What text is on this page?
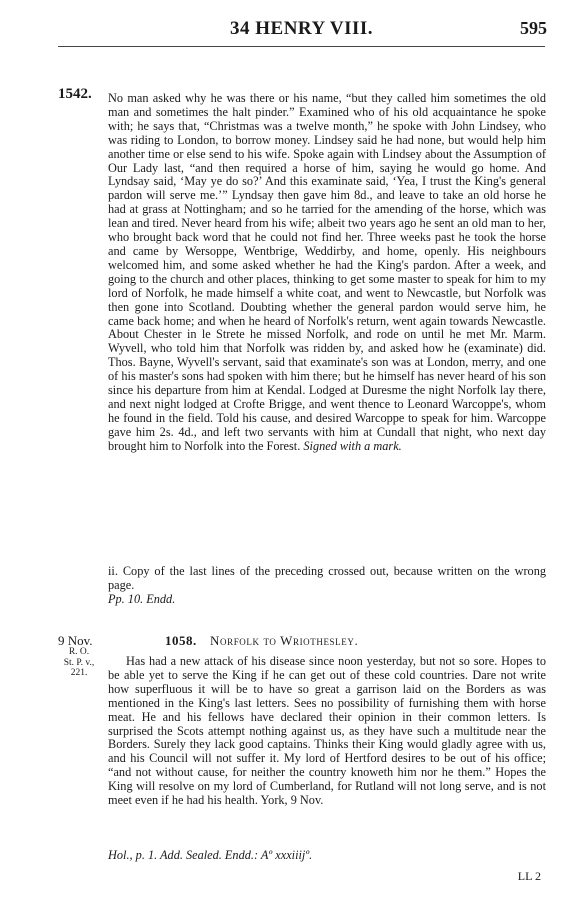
34 HENRY VIII.	595
1542. No man asked why he was there or his name, “but they called him sometimes the old man and sometimes the halt pinder.” Examined who of his old acquaintance he spoke with; he says that, “Christmas was a twelve month,” he spoke with John Lindsey, who was riding to London, to borrow money. Lindsey said he had none, but would help him another time or else send to his wife. Spoke again with Lindsey about the Assumption of Our Lady last, “and then required a horse of him, saying he would go home. And Lyndsay said, ‘May ye do so?’ And this examinate said, ‘Yea, I trust the King's general pardon will serve me.’” Lyndsay then gave him 8d., and leave to take an old horse he had at grass at Nottingham; and so he tarried for the amending of the horse, which was lean and tired. Never heard from his wife; albeit two years ago he sent an old man to her, who brought back word that he could not find her. Three weeks past he took the horse and came by Wersoppe, Wentbrige, Weddirby, and home, openly. His neighbours welcomed him, and some asked whether he had the King's pardon. After a week, and going to the church and other places, thinking to get some master to speak for him to my lord of Norfolk, he made himself a white coat, and went to Newcastle, but Norfolk was then gone into Scotland. Doubting whether the general pardon would serve him, he came back home; and when he heard of Norfolk's return, went again towards Newcastle. About Chester in le Strete he missed Norfolk, and rode on until he met Mr. Marm. Wyvell, who told him that Norfolk was ridden by, and asked how he (examinate) did. Thos. Bayne, Wyvell's servant, said that examinate's son was at London, merry, and one of his master's sons had spoken with him there; but he himself has never heard of his son since his departure from him at Kendal. Lodged at Duresme the night Norfolk lay there, and next night lodged at Crofte Brigge, and went thence to Leonard Warcoppe's, whom he found in the field. Told his cause, and desired Warcoppe to speak for him. Warcoppe gave him 2s. 4d., and left two servants with him at Cundall that night, who next day brought him to Norfolk into the Forest. Signed with a mark.
ii. Copy of the last lines of the preceding crossed out, because written on the wrong page.
Pp. 10. Endd.
9 Nov.	1058. Norfolk to Wriothesley.
R. O.
St. P. v., 221.
Has had a new attack of his disease since noon yesterday, but not so sore. Hopes to be able yet to serve the King if he can get out of these cold countries. Dare not write how superfluous it will be to have so great a garrison laid on the Borders as was mentioned in the King's last letters. Sees no possibility of furnishing them with horse meat. He and his fellows have declared their opinion in their common letters. Is surprised the Scots attempt nothing against us, as they have such a multitude near the Borders. Surely they lack good captains. Thinks their King would gladly agree with us, and his Council will not suffer it. My lord of Hertford desires to be out of his office; “and not without cause, for neither the country knoweth him nor he them.” Hopes the King will resolve on my lord of Cumberland, for Rutland will not long serve, and is not meet even if he had his health. York, 9 Nov.
Hol., p. 1. Add. Sealed. Endd.: Aº xxxiiijº.
LL 2
